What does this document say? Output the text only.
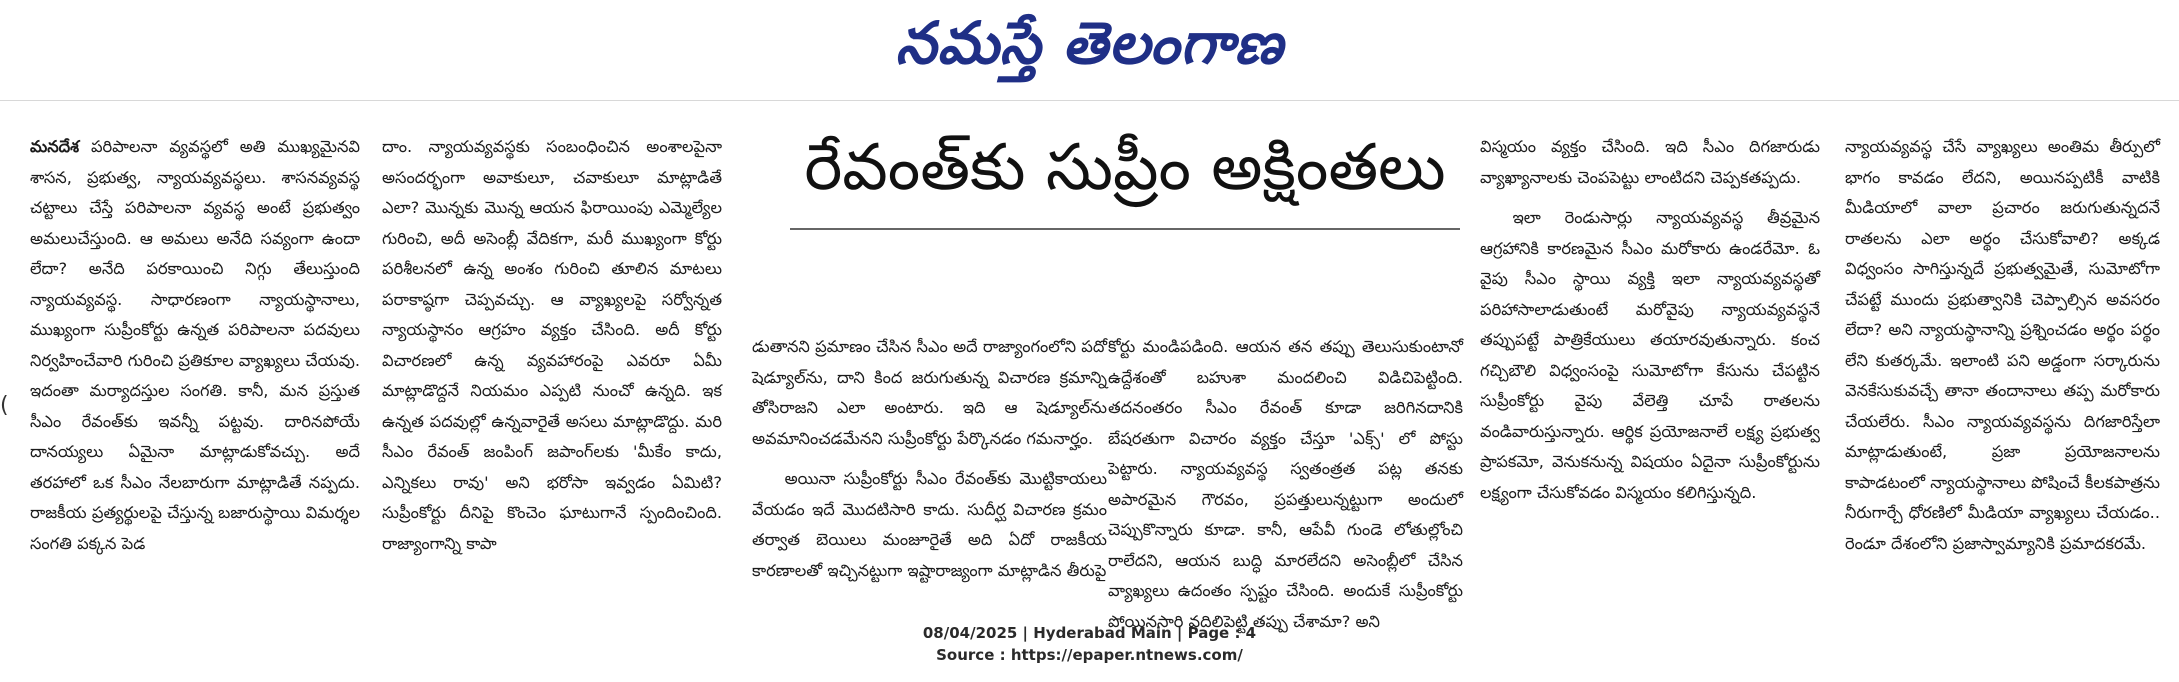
నమస్తే తెలంగాణ
(

మనదేశ పరిపాలనా వ్యవస్థలో అతి ముఖ్యమైనవి శాసన, ప్రభుత్వ, న్యాయవ్యవస్థలు. శాసనవ్యవస్థ చట్టాలు చేస్తే పరిపాలనా వ్యవస్థ అంటే ప్రభుత్వం అమలుచేస్తుంది. ఆ అమలు అనేది సవ్యంగా ఉందా లేదా? అనేది పరకాయించి నిగ్గు తేలుస్తుంది న్యాయవ్యవస్థ. సాధారణంగా న్యాయస్థానాలు, ముఖ్యంగా సుప్రీంకోర్టు ఉన్నత పరిపాలనా పదవులు నిర్వహించేవారి గురించి ప్రతికూల వ్యాఖ్యలు చేయవు. ఇదంతా మర్యాదస్తుల సంగతి. కానీ, మన ప్రస్తుత సీఎం రేవంత్‌కు ఇవన్నీ పట్టవు. దారినపోయే దానయ్యలు ఏమైనా మాట్లాడుకోవచ్చు. అదే తరహాలో ఒక సీఎం నేలబారుగా మాట్లాడితే నప్పదు. రాజకీయ ప్రత్యర్థులపై చేస్తున్న బజారుస్థాయి విమర్శల సంగతి పక్కన పెడ

దాం. న్యాయవ్యవస్థకు సంబంధించిన అంశాలపైనా అసందర్భంగా అవాకులూ, చవాకులూ మాట్లాడితే ఎలా? మొన్నకు మొన్న ఆయన ఫిరాయింపు ఎమ్మెల్యేల గురించి, అదీ అసెంబ్లీ వేదికగా, మరీ ముఖ్యంగా కోర్టు పరిశీలనలో ఉన్న అంశం గురించి తూలిన మాటలు పరాకాష్ఠగా చెప్పవచ్చు. ఆ వ్యాఖ్యలపై సర్వోన్నత న్యాయస్థానం ఆగ్రహం వ్యక్తం చేసింది. అదీ కోర్టు విచారణలో ఉన్న వ్యవహారంపై ఎవరూ ఏమీ మాట్లాడొద్దనే నియమం ఎప్పటి నుంచో ఉన్నది. ఇక ఉన్నత పదవుల్లో ఉన్నవారైతే అసలు మాట్లాడొద్దు. మరి సీఎం రేవంత్ జంపింగ్ జపాంగ్‌లకు 'మీకేం కాదు, ఎన్నికలు రావు' అని భరోసా ఇవ్వడం ఏమిటి? సుప్రీంకోర్టు దీనిపై కొంచెం ఘాటుగానే స్పందించింది. రాజ్యాంగాన్ని కాపా

రేవంత్‌కు సుప్రీం అక్షింతలు

డుతానని ప్రమాణం చేసిన సీఎం అదే రాజ్యాంగంలోని పదో షెడ్యూల్‌ను, దాని కింద జరుగుతున్న విచారణ క్రమాన్ని తోసిరాజని ఎలా అంటారు. ఇది ఆ షెడ్యూల్‌ను అవమానించడమేనని సుప్రీంకోర్టు పేర్కొనడం గమనార్హం.

అయినా సుప్రీంకోర్టు సీఎం రేవంత్‌కు మొట్టికాయలు వేయడం ఇదే మొదటిసారి కాదు. సుదీర్ఘ విచారణ క్రమం తర్వాత బెయిలు మంజూరైతే అది ఏదో రాజకీయ కారణాలతో ఇచ్చినట్టుగా ఇష్టారాజ్యంగా మాట్లాడిన తీరుపై

కోర్టు మండిపడింది. ఆయన తన తప్పు తెలుసుకుంటానో ఉద్దేశంతో బహుశా మందలించి విడిచిపెట్టింది. తదనంతరం సీఎం రేవంత్ కూడా జరిగినదానికి బేషరతుగా విచారం వ్యక్తం చేస్తూ 'ఎక్స్' లో పోస్టు పెట్టారు. న్యాయవ్యవస్థ స్వతంత్రత పట్ల తనకు అపారమైన గౌరవం, ప్రపత్తులున్నట్టుగా అందులో చెప్పుకొన్నారు కూడా. కానీ, ఆపేవీ గుండె లోతుల్లోంచి రాలేదని, ఆయన బుద్ధి మారలేదని అసెంబ్లీలో చేసిన వ్యాఖ్యలు ఉదంతం స్పష్టం చేసింది. అందుకే సుప్రీంకోర్టు పోయినసారి వదిలిపెట్టి తప్పు చేశామా? అని

విస్మయం వ్యక్తం చేసింది. ఇది సీఎం దిగజారుడు వ్యాఖ్యానాలకు చెంపపెట్టు లాంటిదని చెప్పకతప్పదు.

ఇలా రెండుసార్లు న్యాయవ్యవస్థ తీవ్రమైన ఆగ్రహానికి కారణమైన సీఎం మరోకారు ఉండరేమో. ఓ వైపు సీఎం స్థాయి వ్యక్తి ఇలా న్యాయవ్యవస్థతో పరిహాసాలాడుతుంటే మరోవైపు న్యాయవ్యవస్థనే తప్పుపట్టే పాత్రికేయులు తయారవుతున్నారు. కంచ గచ్చిబౌలి విధ్వంసంపై సుమోటోగా కేసును చేపట్టిన సుప్రీంకోర్టు వైపు వేలెత్తి చూపే రాతలను వండివారుస్తున్నారు. ఆర్థిక ప్రయోజనాలే లక్ష్య ప్రభుత్వ ప్రాపకమో, వెనుకనున్న విషయం ఏదైనా సుప్రీంకోర్టును లక్ష్యంగా చేసుకోవడం విస్మయం కలిగిస్తున్నది.

న్యాయవ్యవస్థ చేసే వ్యాఖ్యలు అంతిమ తీర్పులో భాగం కావడం లేదని, అయినప్పటికీ వాటికి మీడియాలో వాలా ప్రచారం జరుగుతున్నదనే రాతలను ఎలా అర్థం చేసుకోవాలి? అక్కడ విధ్వంసం సాగిస్తున్నదే ప్రభుత్వమైతే, సుమోటోగా చేపట్టే ముందు ప్రభుత్వానికి చెప్పాల్సిన అవసరం లేదా? అని న్యాయస్థానాన్ని ప్రశ్నించడం అర్థం పర్థం లేని కుతర్కమే. ఇలాంటి పని అడ్డంగా సర్కారును వెనకేసుకువచ్చే తానా తందానాలు తప్ప మరోకారు చేయలేరు. సీఎం న్యాయవ్యవస్థను దిగజారిస్తేలా మాట్లాడుతుంటే, ప్రజా ప్రయోజనాలను కాపాడటంలో న్యాయస్థానాలు పోషించే కీలకపాత్రను నీరుగార్చే ధోరణిలో మీడియా వ్యాఖ్యలు చేయడం.. రెండూ దేశంలోని ప్రజాస్వామ్యానికి ప్రమాదకరమే.

08/04/2025 | Hyderabad Main | Page : 4
Source : https://epaper.ntnews.com/
